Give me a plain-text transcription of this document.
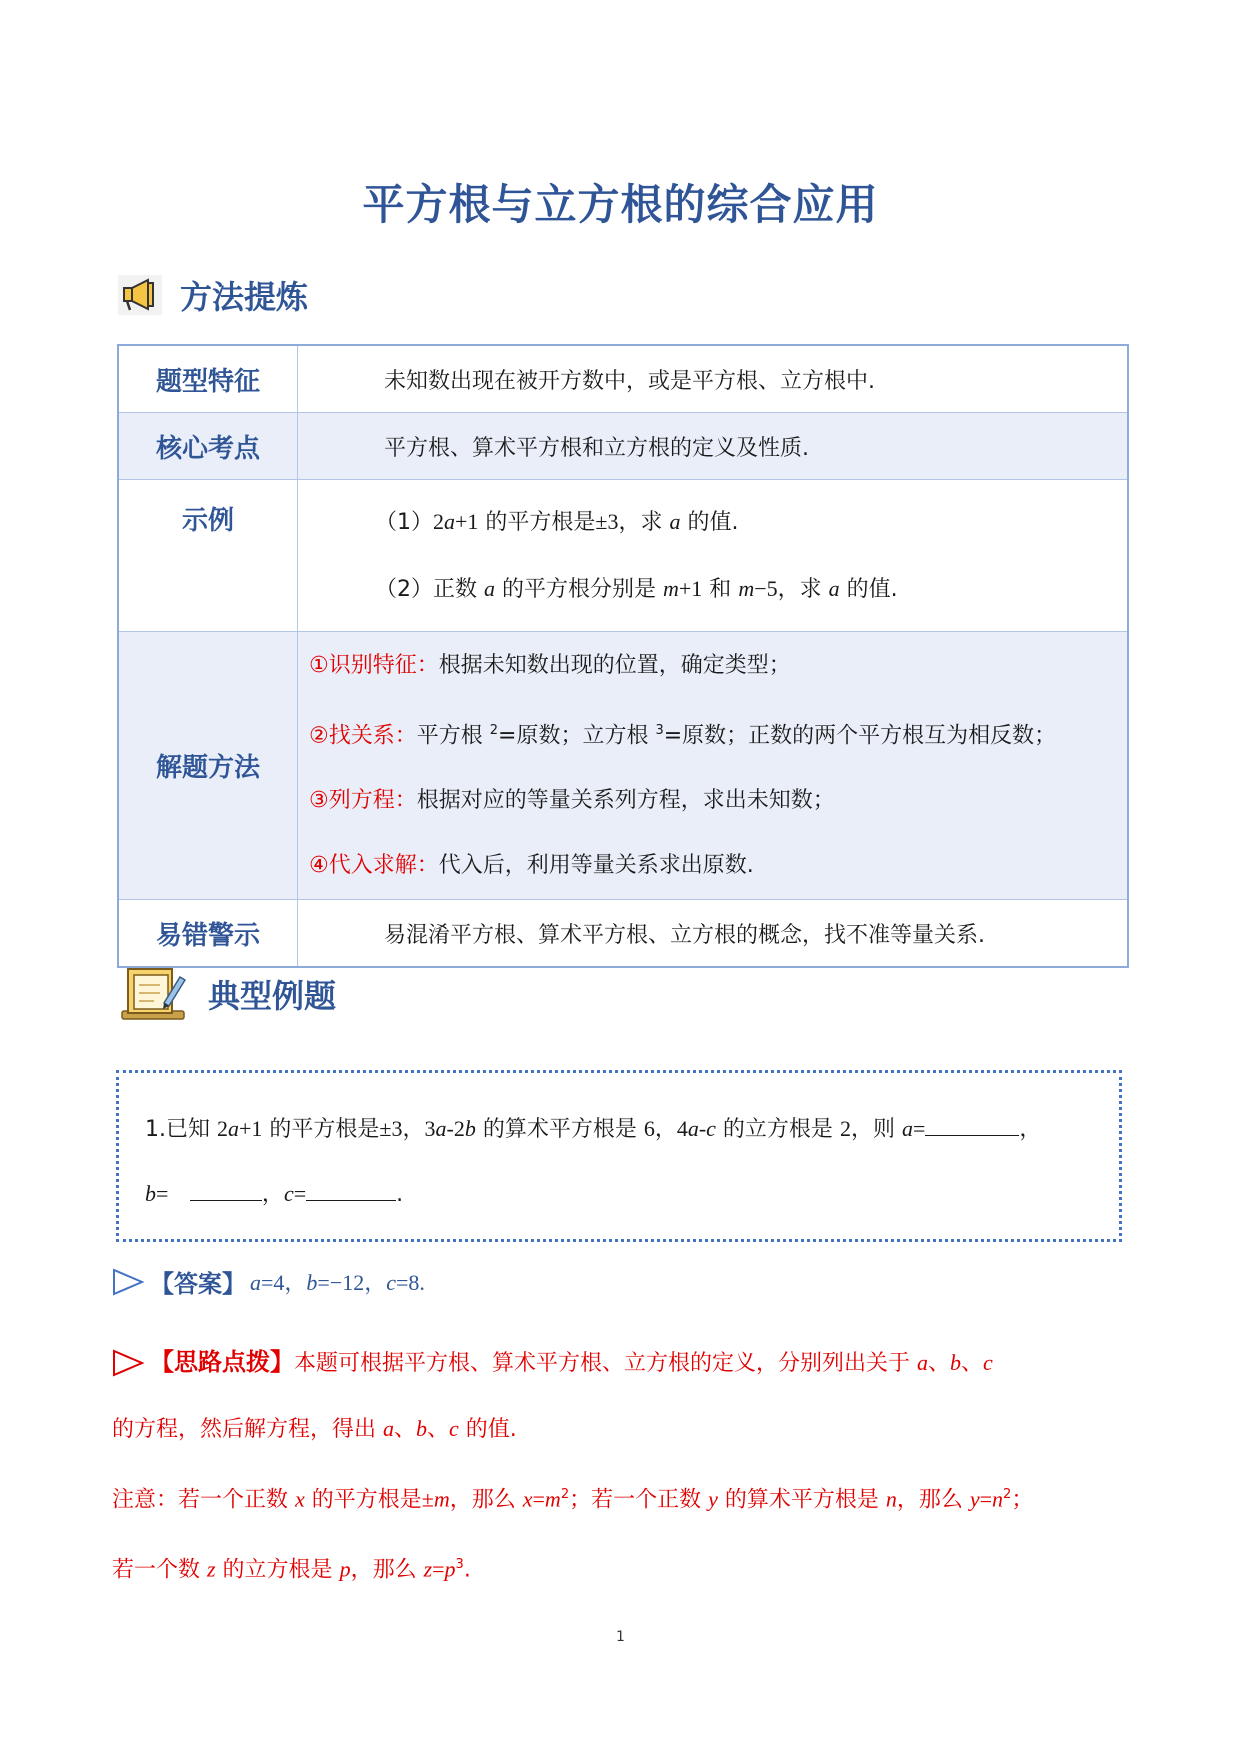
平方根与立方根的综合应用
方法提炼
题型特征	未知数出现在被开方数中，或是平方根、立方根中.
核心考点	平方根、算术平方根和立方根的定义及性质.
示例	（1）2a+1 的平方根是±3，求 a 的值.
（2）正数 a 的平方根分别是 m+1 和 m−5，求 a 的值.

解题方法	①识别特征：根据未知数出现的位置，确定类型；
②找关系：平方根 $^2$=原数；立方根 $^3$=原数；正数的两个平方根互为相反数；
③列方程：根据对应的等量关系列方程，求出未知数；
④代入求解：代入后，利用等量关系求出原数.

易错警示	易混淆平方根、算术平方根、立方根的概念，找不准等量关系.
典型例题
1.已知 2a+1 的平方根是±3，3a-2b 的算术平方根是 6，4a-c 的立方根是 2，则 a=	，
b=	，c=	.
【答案】 a=4，b=−12，c=8.
【思路点拨】本题可根据平方根、算术平方根、立方根的定义，分别列出关于 a、b、c
的方程，然后解方程，得出 a、b、c 的值.
注意：若一个正数 x 的平方根是±m，那么 $x=m^2$；若一个正数 y 的算术平方根是 n，那么 $y=n^2$；
若一个数 z 的立方根是 p，那么 $z=p^3$.
1
